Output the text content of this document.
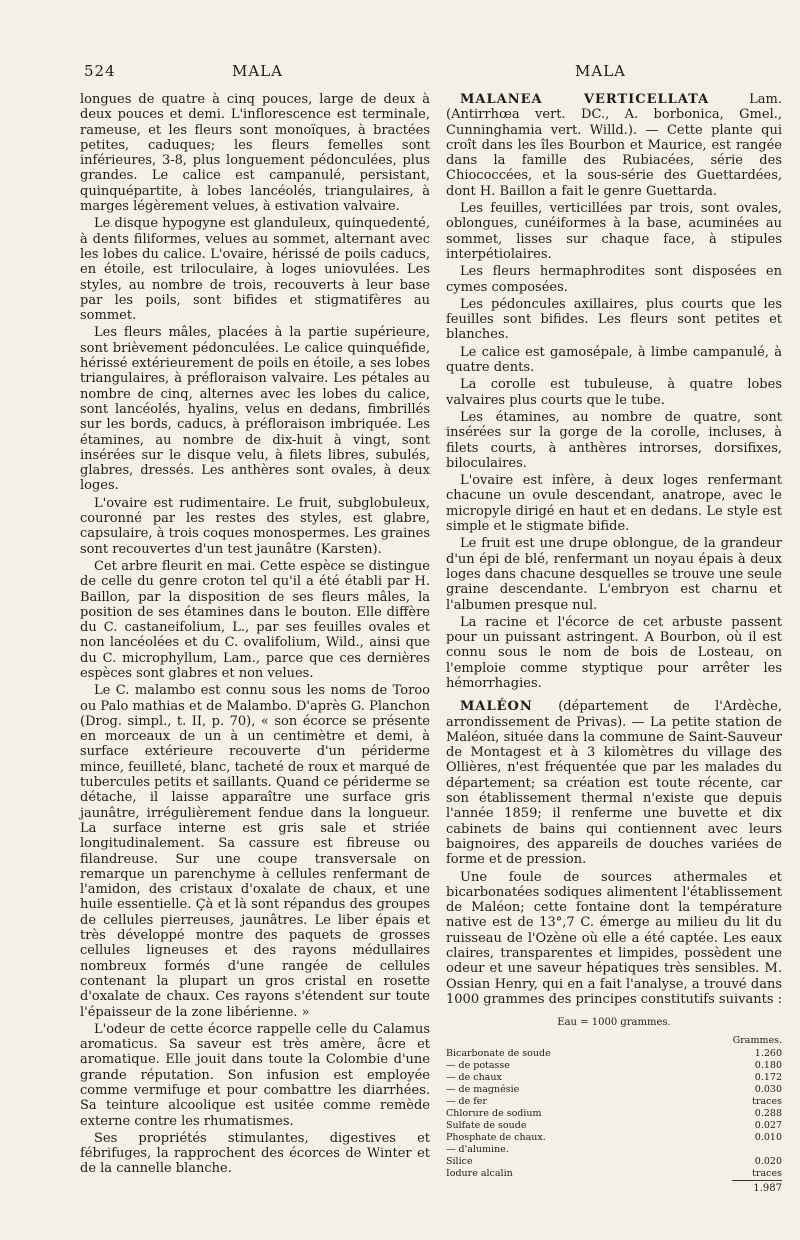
524	MALA	MALA

longues de quatre à cinq pouces, large de deux à deux pouces et demi. L'inflorescence est terminale, rameuse, et les fleurs sont monoïques, à bractées petites, caduques; les fleurs femelles sont inférieures, 3-8, plus longuement pédonculées, plus grandes. Le calice est campanulé, persistant, quinquépartite, à lobes lancéolés, triangulaires, à marges légèrement velues, à estivation valvaire.

Le disque hypogyne est glanduleux, quinquedenté, à dents filiformes, velues au sommet, alternant avec les lobes du calice. L'ovaire, hérissé de poils caducs, en étoile, est triloculaire, à loges uniovulées. Les styles, au nombre de trois, recouverts à leur base par les poils, sont bifides et stigmatifères au sommet.

Les fleurs mâles, placées à la partie supérieure, sont brièvement pédonculées. Le calice quinquéfide, hérissé extérieurement de poils en étoile, a ses lobes triangulaires, à préfloraison valvaire. Les pétales au nombre de cinq, alternes avec les lobes du calice, sont lancéolés, hyalins, velus en dedans, fimbrillés sur les bords, caducs, à préfloraison imbriquée. Les étamines, au nombre de dix-huit à vingt, sont insérées sur le disque velu, à filets libres, subulés, glabres, dressés. Les anthères sont ovales, à deux loges.

L'ovaire est rudimentaire. Le fruit, subglobuleux, couronné par les restes des styles, est glabre, capsulaire, à trois coques monospermes. Les graines sont recouvertes d'un test jaunâtre (Karsten).

Cet arbre fleurit en mai. Cette espèce se distingue de celle du genre croton tel qu'il a été établi par H. Baillon, par la disposition de ses fleurs mâles, la position de ses étamines dans le bouton. Elle diffère du C. castaneifolium, L., par ses feuilles ovales et non lancéolées et du C. ovalifolium, Wild., ainsi que du C. microphyllum, Lam., parce que ces dernières espèces sont glabres et non velues.

Le C. malambo est connu sous les noms de Toroo ou Palo mathias et de Malambo. D'après G. Planchon (Drog. simpl., t. II, p. 70), « son écorce se présente en morceaux de un à un centimètre et demi, à surface extérieure recouverte d'un périderme mince, feuilleté, blanc, tacheté de roux et marqué de tubercules petits et saillants. Quand ce périderme se détache, il laisse apparaître une surface gris jaunâtre, irrégulièrement fendue dans la longueur. La surface interne est gris sale et striée longitudinalement. Sa cassure est fibreuse ou filandreuse. Sur une coupe transversale on remarque un parenchyme à cellules renfermant de l'amidon, des cristaux d'oxalate de chaux, et une huile essentielle. Çà et là sont répandus des groupes de cellules pierreuses, jaunâtres. Le liber épais et très développé montre des paquets de grosses cellules ligneuses et des rayons médullaires nombreux formés d'une rangée de cellules contenant la plupart un gros cristal en rosette d'oxalate de chaux. Ces rayons s'étendent sur toute l'épaisseur de la zone libérienne. »

L'odeur de cette écorce rappelle celle du Calamus aromaticus. Sa saveur est très amère, âcre et aromatique. Elle jouit dans toute la Colombie d'une grande réputation. Son infusion est employée comme vermifuge et pour combattre les diarrhées. Sa teinture alcoolique est usitée comme remède externe contre les rhumatismes.

Ses propriétés stimulantes, digestives et fébrifuges, la rapprochent des écorces de Winter et de la cannelle blanche.

MALANEA VERTICELLATA	Lam. (Antirrhœa vert. DC., A. borbonica, Gmel., Cunninghamia vert. Willd.). — Cette plante qui croît dans les îles Bourbon et Maurice, est rangée dans la famille des Rubiacées, série des Chiococcées, et la sous-série des Guettardées, dont H. Baillon a fait le genre Guettarda.

Les feuilles, verticillées par trois, sont ovales, oblongues, cunéiformes à la base, acuminées au sommet, lisses sur chaque face, à stipules interpétiolaires.

Les fleurs hermaphrodites sont disposées en cymes composées.

Les pédoncules axillaires, plus courts que les feuilles sont bifides. Les fleurs sont petites et blanches.

Le calice est gamosépale, à limbe campanulé, à quatre dents.

La corolle est tubuleuse, à quatre lobes valvaires plus courts que le tube.

Les étamines, au nombre de quatre, sont insérées sur la gorge de la corolle, incluses, à filets courts, à anthères introrses, dorsifixes, biloculaires.

L'ovaire est infère, à deux loges renfermant chacune un ovule descendant, anatrope, avec le micropyle dirigé en haut et en dedans. Le style est simple et le stigmate bifide.

Le fruit est une drupe oblongue, de la grandeur d'un épi de blé, renfermant un noyau épais à deux loges dans chacune desquelles se trouve une seule graine descendante. L'embryon est charnu et l'albumen presque nul.

La racine et l'écorce de cet arbuste passent pour un puissant astringent. A Bourbon, où il est connu sous le nom de bois de Losteau, on l'emploie comme styptique pour arrêter les hémorrhagies.

MALÉON (département de l'Ardèche, arrondissement de Privas). — La petite station de Maléon, située dans la commune de Saint-Sauveur de Montagest et à 3 kilomètres du village des Ollières, n'est fréquentée que par les malades du département; sa création est toute récente, car son établissement thermal n'existe que depuis l'année 1859; il renferme une buvette et dix cabinets de bains qui contiennent avec leurs baignoires, des appareils de douches variées de forme et de pression.

Une foule de sources athermales et bicarbonatées sodiques alimentent l'établissement de Maléon; cette fontaine dont la température native est de 13°,7 C. émerge au milieu du lit du ruisseau de l'Ozène où elle a été captée. Les eaux claires, transparentes et limpides, possèdent une odeur et une saveur hépatiques très sensibles. M. Ossian Henry, qui en a fait l'analyse, a trouvé dans 1000 grammes des principes constitutifs suivants :

Eau = 1000 grammes.
Grammes.
Bicarbonate de soude	1.260
— de potasse	0.180
— de chaux	0.172
— de magnésie	0.030
— de fer	traces
Chlorure de sodium	0.288
Sulfate de soude	0.027
Phosphate de chaux.	0.010
— d'alumine.	
Silice	0.020
Iodure alcalin	traces
1.987
